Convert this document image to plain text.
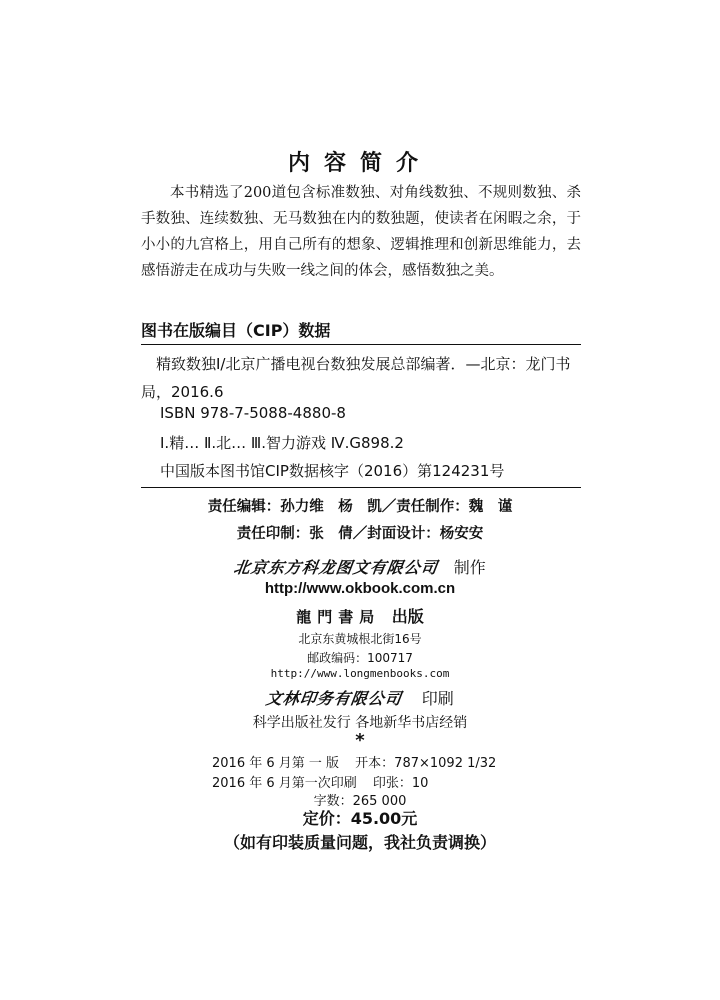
内容简介

本书精选了200道包含标准数独、对角线数独、不规则数独、杀手数独、连续数独、无马数独在内的数独题，使读者在闲暇之余，于小小的九宫格上，用自己所有的想象、逻辑推理和创新思维能力，去感悟游走在成功与失败一线之间的体会，感悟数独之美。

图书在版编目（CIP）数据
精致数独Ⅰ/北京广播电视台数独发展总部编著．—北京：龙门书局，2016.6
ISBN 978-7-5088-4880-8
Ⅰ.精… Ⅱ.北… Ⅲ.智力游戏 Ⅳ.G898.2
中国版本图书馆CIP数据核字（2016）第124231号
责任编辑：孙力维　杨　凯／责任制作：魏　谨
责任印制：张　倩／封面设计：杨安安
北京东方科龙图文有限公司 制作
http://www.okbook.com.cn
龍門書局 出版
北京东黄城根北街16号
邮政编码：100717
http://www.longmenbooks.com
文林印务有限公司 印刷
科学出版社发行 各地新华书店经销
*
2016 年 6 月第 一 版 开本：787×1092 1/32
2016 年 6 月第一次印刷 印张：10
字数：265 000
定价：45.00元
（如有印装质量问题，我社负责调换）
